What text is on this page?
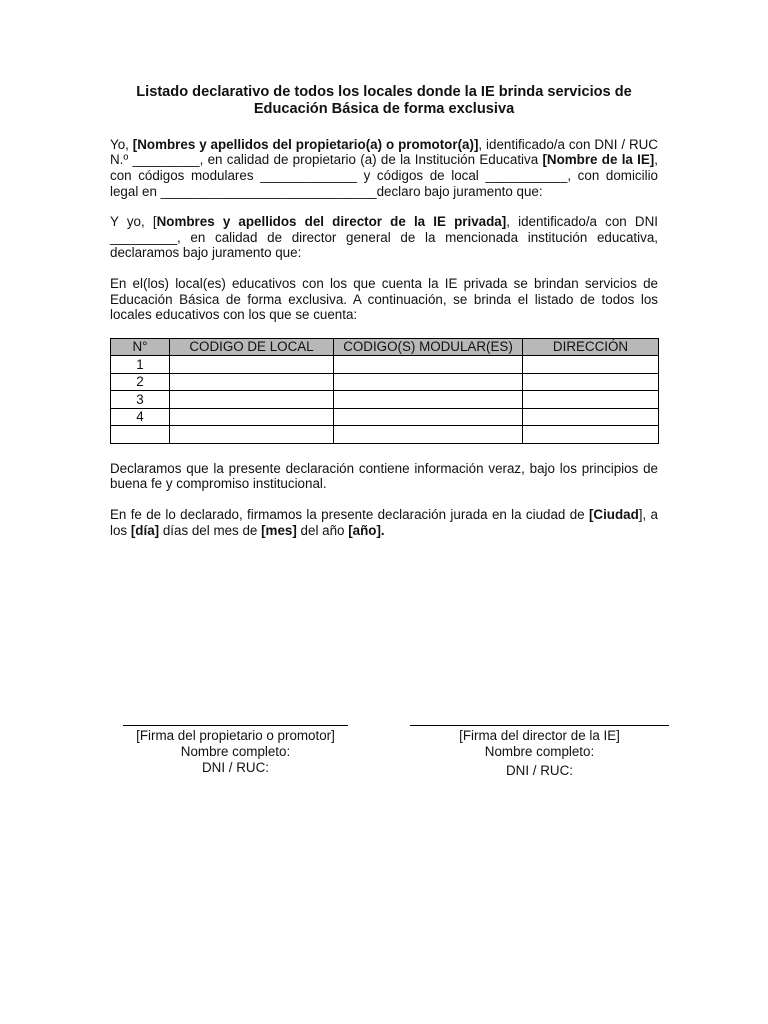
Listado declarativo de todos los locales donde la IE brinda servicios de Educación Básica de forma exclusiva

Yo, [Nombres y apellidos del propietario(a) o promotor(a)], identificado/a con DNI / RUC N.º _________, en calidad de propietario (a) de la Institución Educativa [Nombre de la IE], con códigos modulares _____________ y códigos de local ___________, con domicilio legal en _____________________________declaro bajo juramento que:

Y yo, [Nombres y apellidos del director de la IE privada], identificado/a con DNI _________, en calidad de director general de la mencionada institución educativa, declaramos bajo juramento que:

En el(los) local(es) educativos con los que cuenta la IE privada se brindan servicios de Educación Básica de forma exclusiva. A continuación, se brinda el listado de todos los locales educativos con los que se cuenta:

N°	CODIGO DE LOCAL	CODIGO(S) MODULAR(ES)	DIRECCIÓN
1			
2			
3			
4			

Declaramos que la presente declaración contiene información veraz, bajo los principios de buena fe y compromiso institucional.

En fe de lo declarado, firmamos la presente declaración jurada en la ciudad de [Ciudad], a los [día] días del mes de [mes] del año [año].

[Firma del propietario o promotor]
Nombre completo:
DNI / RUC:
[Firma del director de la IE]
Nombre completo:
DNI / RUC:
